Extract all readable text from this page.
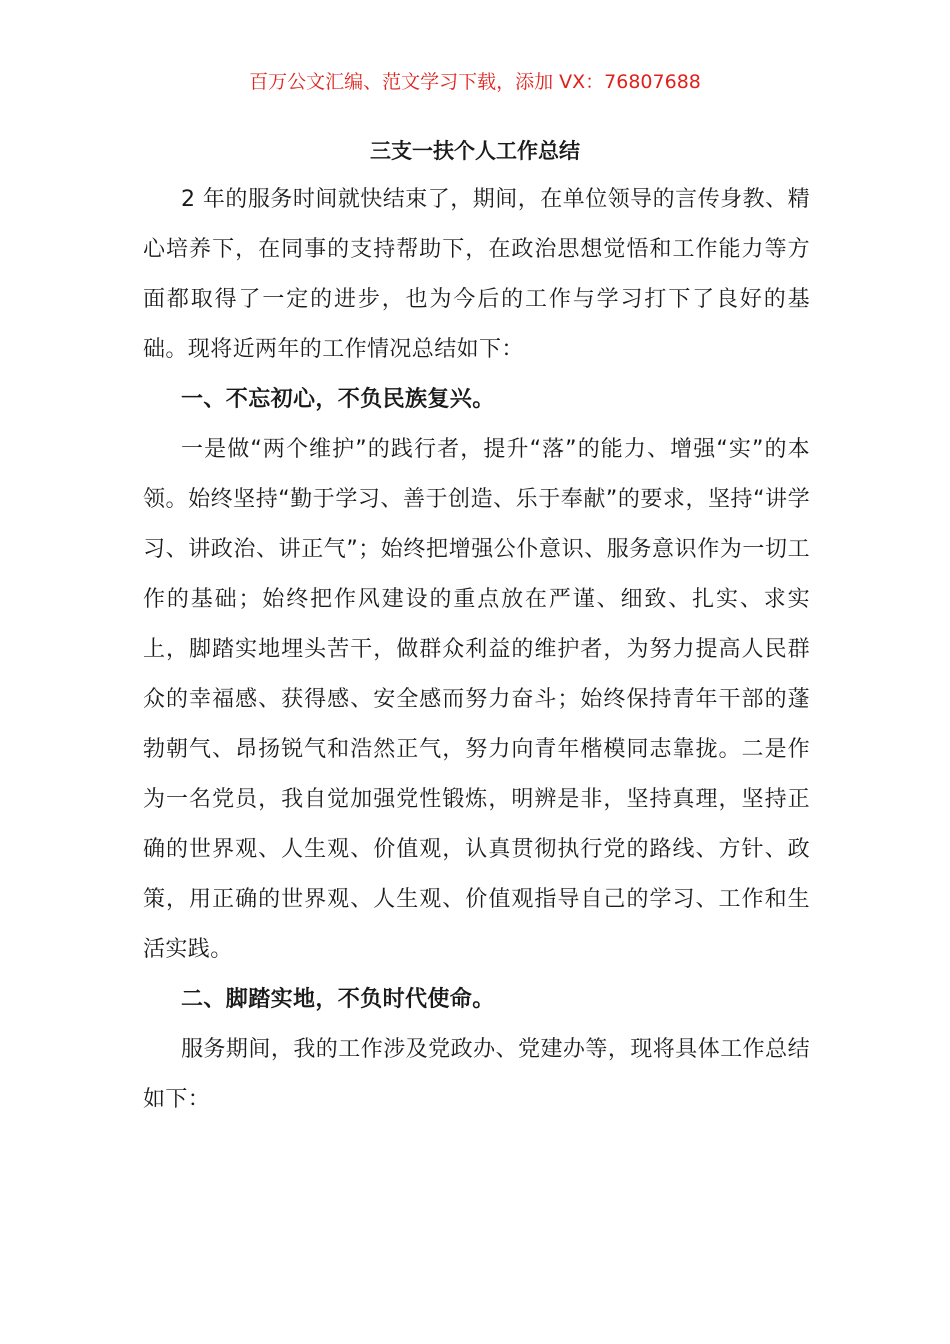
百万公文汇编、范文学习下载，添加 VX：76807688
三支一扶个人工作总结

2 年的服务时间就快结束了，期间，在单位领导的言传身教、精心培养下，在同事的支持帮助下，在政治思想觉悟和工作能力等方面都取得了一定的进步，也为今后的工作与学习打下了良好的基础。现将近两年的工作情况总结如下：

一、不忘初心，不负民族复兴。

一是做“两个维护”的践行者，提升“落”的能力、增强“实”的本领。始终坚持“勤于学习、善于创造、乐于奉献”的要求，坚持“讲学习、讲政治、讲正气”；始终把增强公仆意识、服务意识作为一切工作的基础；始终把作风建设的重点放在严谨、细致、扎实、求实上，脚踏实地埋头苦干，做群众利益的维护者，为努力提高人民群众的幸福感、获得感、安全感而努力奋斗；始终保持青年干部的蓬勃朝气、昂扬锐气和浩然正气，努力向青年楷模同志靠拢。二是作为一名党员，我自觉加强党性锻炼，明辨是非，坚持真理，坚持正确的世界观、人生观、价值观，认真贯彻执行党的路线、方针、政策，用正确的世界观、人生观、价值观指导自己的学习、工作和生活实践。

二、脚踏实地，不负时代使命。

服务期间，我的工作涉及党政办、党建办等，现将具体工作总结如下：
